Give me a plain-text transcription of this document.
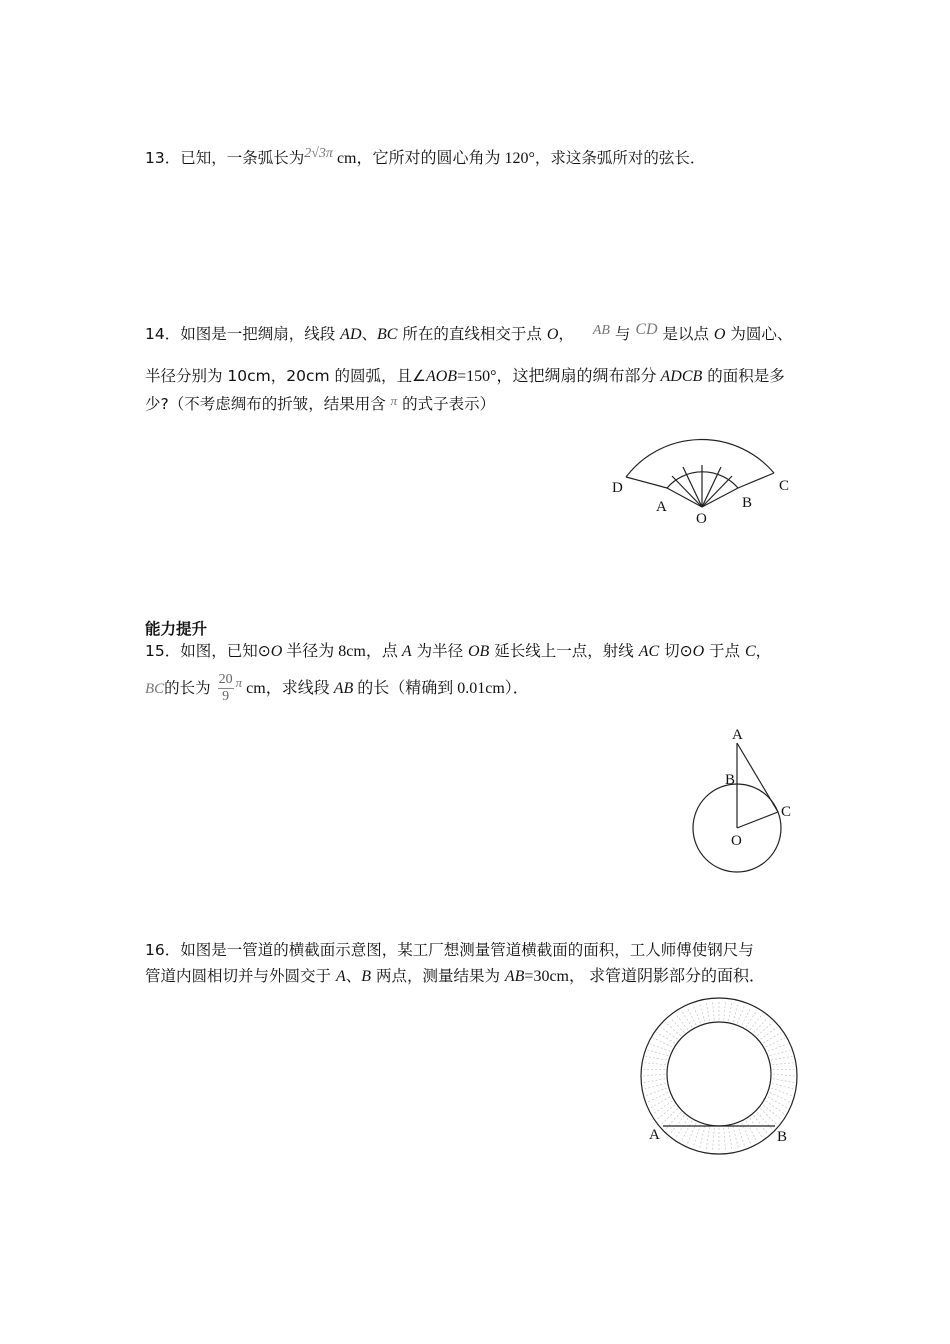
13．已知，一条弧长为2√3π cm，它所对的圆心角为 120°，求这条弧所对的弦长．
14．如图是一把绸扇，线段 AD、BC 所在的直线相交于点 O， AB 与 CD 是以点 O 为圆心、
半径分别为 10cm，20cm 的圆弧，且∠AOB=150°，这把绸扇的绸布部分 ADCB 的面积是多
少?（不考虑绸布的折皱，结果用含 $^\pi$ 的式子表示）
D
A
O
B
C
能力提升
15．如图，已知⊙O 半径为 8cm，点 A 为半径 OB 延长线上一点，射线 AC 切⊙O 于点 C，
BC的长为 $\frac{20}{9} ^\pi$ cm，求线段 AB 的长（精确到 0.01cm）．
A
B
C
O
16．如图是一管道的横截面示意图，某工厂想测量管道横截面的面积，工人师傅使钢尺与
管道内圆相切并与外圆交于 A、B 两点，测量结果为 AB=30cm， 求管道阴影部分的面积．
A	B
